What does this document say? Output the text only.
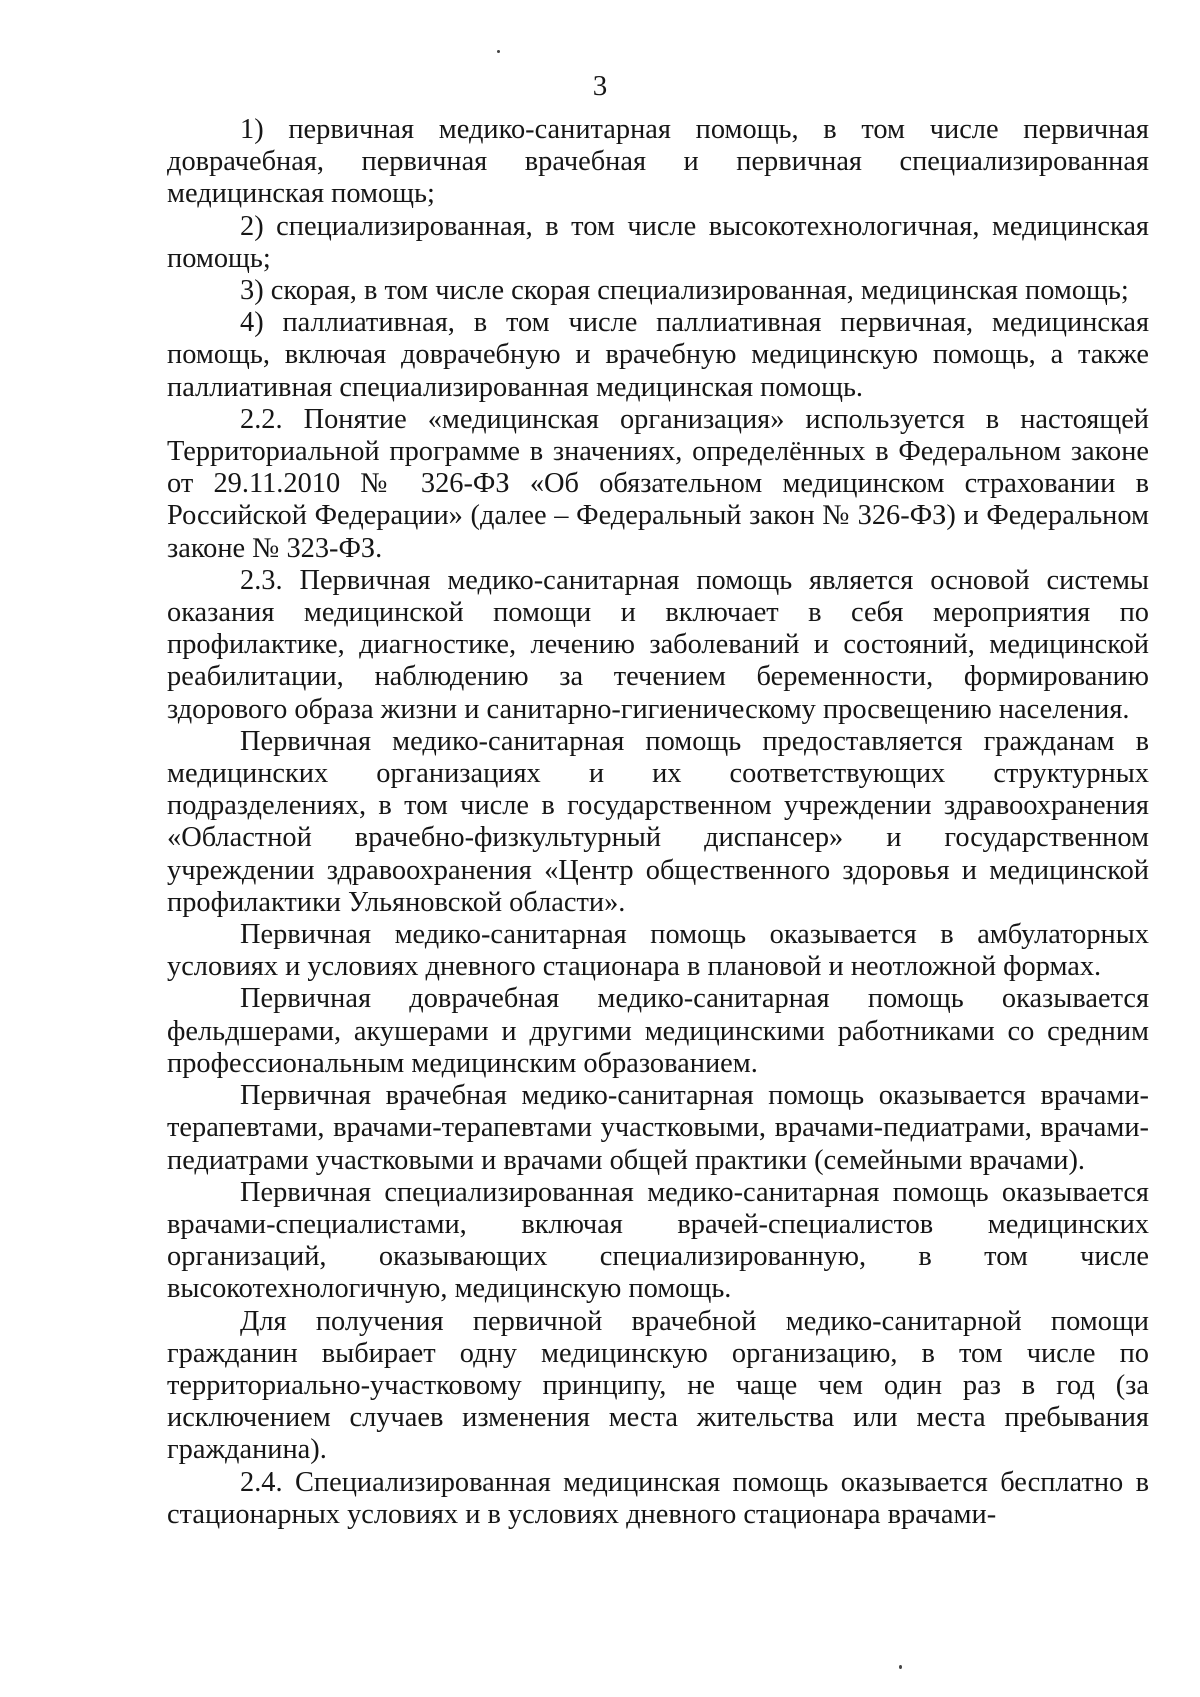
3

1) первичная медико-санитарная помощь, в том числе первичная доврачебная, первичная врачебная и первичная специализированная медицинская помощь;

2) специализированная, в том числе высокотехнологичная, медицинская помощь;

3) скорая, в том числе скорая специализированная, медицинская помощь;

4) паллиативная, в том числе паллиативная первичная, медицинская помощь, включая доврачебную и врачебную медицинскую помощь, а также паллиативная специализированная медицинская помощь.

2.2. Понятие «медицинская организация» используется в настоящей Территориальной программе в значениях, определённых в Федеральном законе от 29.11.2010 № 326-ФЗ «Об обязательном медицинском страховании в Российской Федерации» (далее – Федеральный закон № 326-ФЗ) и Федеральном законе № 323-ФЗ.

2.3. Первичная медико-санитарная помощь является основой системы оказания медицинской помощи и включает в себя мероприятия по профилактике, диагностике, лечению заболеваний и состояний, медицинской реабилитации, наблюдению за течением беременности, формированию здорового образа жизни и санитарно-гигиеническому просвещению населения.

Первичная медико-санитарная помощь предоставляется гражданам в медицинских организациях и их соответствующих структурных подразделениях, в том числе в государственном учреждении здравоохранения «Областной врачебно-физкультурный диспансер» и государственном учреждении здравоохранения «Центр общественного здоровья и медицинской профилактики Ульяновской области».

Первичная медико-санитарная помощь оказывается в амбулаторных условиях и условиях дневного стационара в плановой и неотложной формах.

Первичная доврачебная медико-санитарная помощь оказывается фельдшерами, акушерами и другими медицинскими работниками со средним профессиональным медицинским образованием.

Первичная врачебная медико-санитарная помощь оказывается врачами-терапевтами, врачами-терапевтами участковыми, врачами-педиатрами, врачами-педиатрами участковыми и врачами общей практики (семейными врачами).

Первичная специализированная медико-санитарная помощь оказывается врачами-специалистами, включая врачей-специалистов медицинских организаций, оказывающих специализированную, в том числе высокотехнологичную, медицинскую помощь.

Для получения первичной врачебной медико-санитарной помощи гражданин выбирает одну медицинскую организацию, в том числе по территориально-участковому принципу, не чаще чем один раз в год (за исключением случаев изменения места жительства или места пребывания гражданина).

2.4. Специализированная медицинская помощь оказывается бесплатно в стационарных условиях и в условиях дневного стационара врачами-
